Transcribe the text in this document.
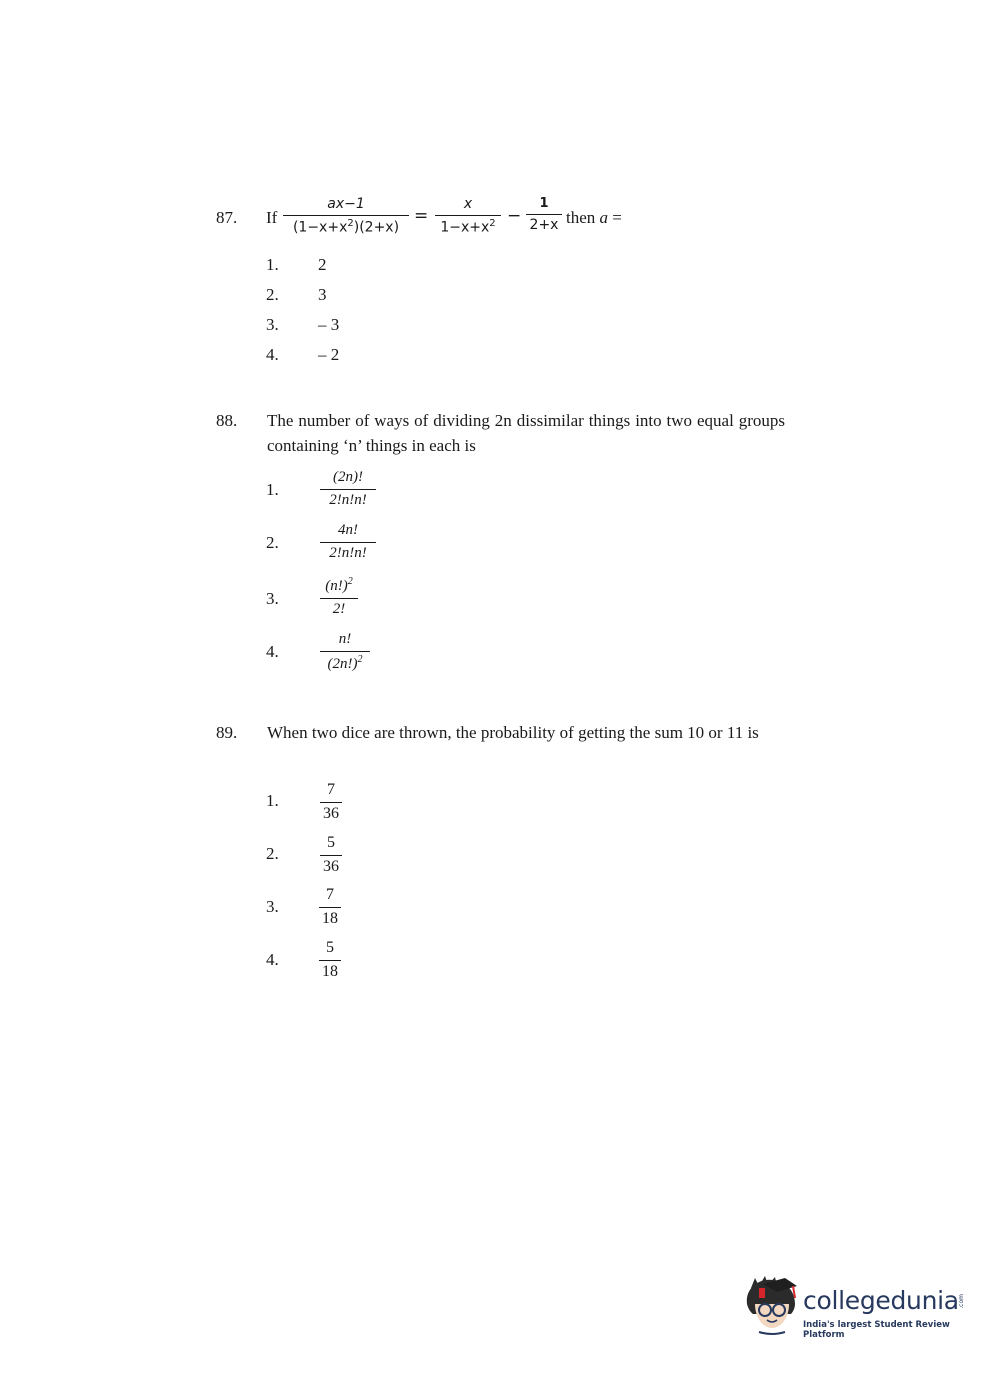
87. If
ax−1
$(1-x+x^2)(2+x)$
=
x
$1-x+x^2$ −
1
2+x then a =
1. 2
2. 3
3. – 3
4. – 2
88. The number of ways of dividing 2n dissimilar things into two equal groups containing ‘n’ things in each is
1.
(2n)!
2!n!n!
2.
4n!
2!n!n!
3.
$(n!)^2$
2!
4.
n!
$(2n!)^2$
89. When two dice are thrown, the probability of getting the sum 10 or 11 is
1.
7
36
2.
5
36
3.
7
18
4.
5
18
collegedunia .com
India's largest Student Review Platform
